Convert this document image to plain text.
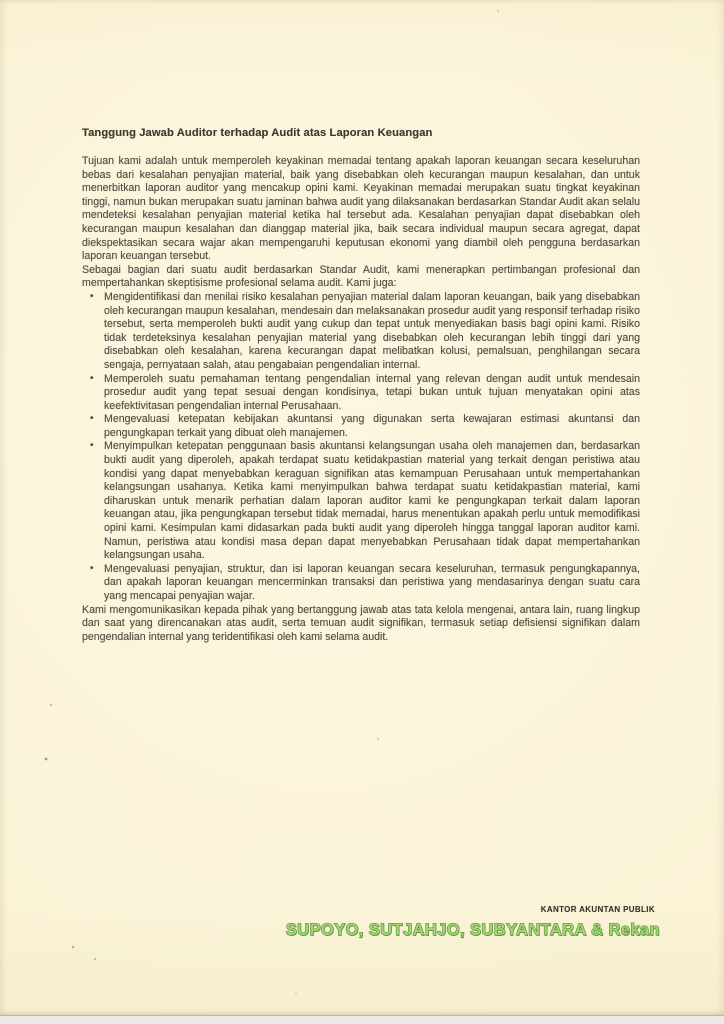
Tanggung Jawab Auditor terhadap Audit atas Laporan Keuangan

Tujuan kami adalah untuk memperoleh keyakinan memadai tentang apakah laporan keuangan secara keseluruhan bebas dari kesalahan penyajian material, baik yang disebabkan oleh kecurangan maupun kesalahan, dan untuk menerbitkan laporan auditor yang mencakup opini kami. Keyakinan memadai merupakan suatu tingkat keyakinan tinggi, namun bukan merupakan suatu jaminan bahwa audit yang dilaksanakan berdasarkan Standar Audit akan selalu mendeteksi kesalahan penyajian material ketika hal tersebut ada. Kesalahan penyajian dapat disebabkan oleh kecurangan maupun kesalahan dan dianggap material jika, baik secara individual maupun secara agregat, dapat diekspektasikan secara wajar akan mempengaruhi keputusan ekonomi yang diambil oleh pengguna berdasarkan laporan keuangan tersebut.

Sebagai bagian dari suatu audit berdasarkan Standar Audit, kami menerapkan pertimbangan profesional dan mempertahankan skeptisisme profesional selama audit. Kami juga:

• Mengidentifikasi dan menilai risiko kesalahan penyajian material dalam laporan keuangan, baik yang disebabkan oleh kecurangan maupun kesalahan, mendesain dan melaksanakan prosedur audit yang responsif terhadap risiko tersebut, serta memperoleh bukti audit yang cukup dan tepat untuk menyediakan basis bagi opini kami. Risiko tidak terdeteksinya kesalahan penyajian material yang disebabkan oleh kecurangan lebih tinggi dari yang disebabkan oleh kesalahan, karena kecurangan dapat melibatkan kolusi, pemalsuan, penghilangan secara sengaja, pernyataan salah, atau pengabaian pengendalian internal.
• Memperoleh suatu pemahaman tentang pengendalian internal yang relevan dengan audit untuk mendesain prosedur audit yang tepat sesuai dengan kondisinya, tetapi bukan untuk tujuan menyatakan opini atas keefektivitasan pengendalian internal Perusahaan.
• Mengevaluasi ketepatan kebijakan akuntansi yang digunakan serta kewajaran estimasi akuntansi dan pengungkapan terkait yang dibuat oleh manajemen.
• Menyimpulkan ketepatan penggunaan basis akuntansi kelangsungan usaha oleh manajemen dan, berdasarkan bukti audit yang diperoleh, apakah terdapat suatu ketidakpastian material yang terkait dengan peristiwa atau kondisi yang dapat menyebabkan keraguan signifikan atas kemampuan Perusahaan untuk mempertahankan kelangsungan usahanya. Ketika kami menyimpulkan bahwa terdapat suatu ketidakpastian material, kami diharuskan untuk menarik perhatian dalam laporan auditor kami ke pengungkapan terkait dalam laporan keuangan atau, jika pengungkapan tersebut tidak memadai, harus menentukan apakah perlu untuk memodifikasi opini kami. Kesimpulan kami didasarkan pada bukti audit yang diperoleh hingga tanggal laporan auditor kami. Namun, peristiwa atau kondisi masa depan dapat menyebabkan Perusahaan tidak dapat mempertahankan kelangsungan usaha.
• Mengevaluasi penyajian, struktur, dan isi laporan keuangan secara keseluruhan, termasuk pengungkapannya, dan apakah laporan keuangan mencerminkan transaksi dan peristiwa yang mendasarinya dengan suatu cara yang mencapai penyajian wajar.

Kami mengomunikasikan kepada pihak yang bertanggung jawab atas tata kelola mengenai, antara lain, ruang lingkup dan saat yang direncanakan atas audit, serta temuan audit signifikan, termasuk setiap defisiensi signifikan dalam pengendalian internal yang teridentifikasi oleh kami selama audit.

KANTOR AKUNTAN PUBLIK
SUPOYO, SUTJAHJO, SUBYANTARA & Rekan
